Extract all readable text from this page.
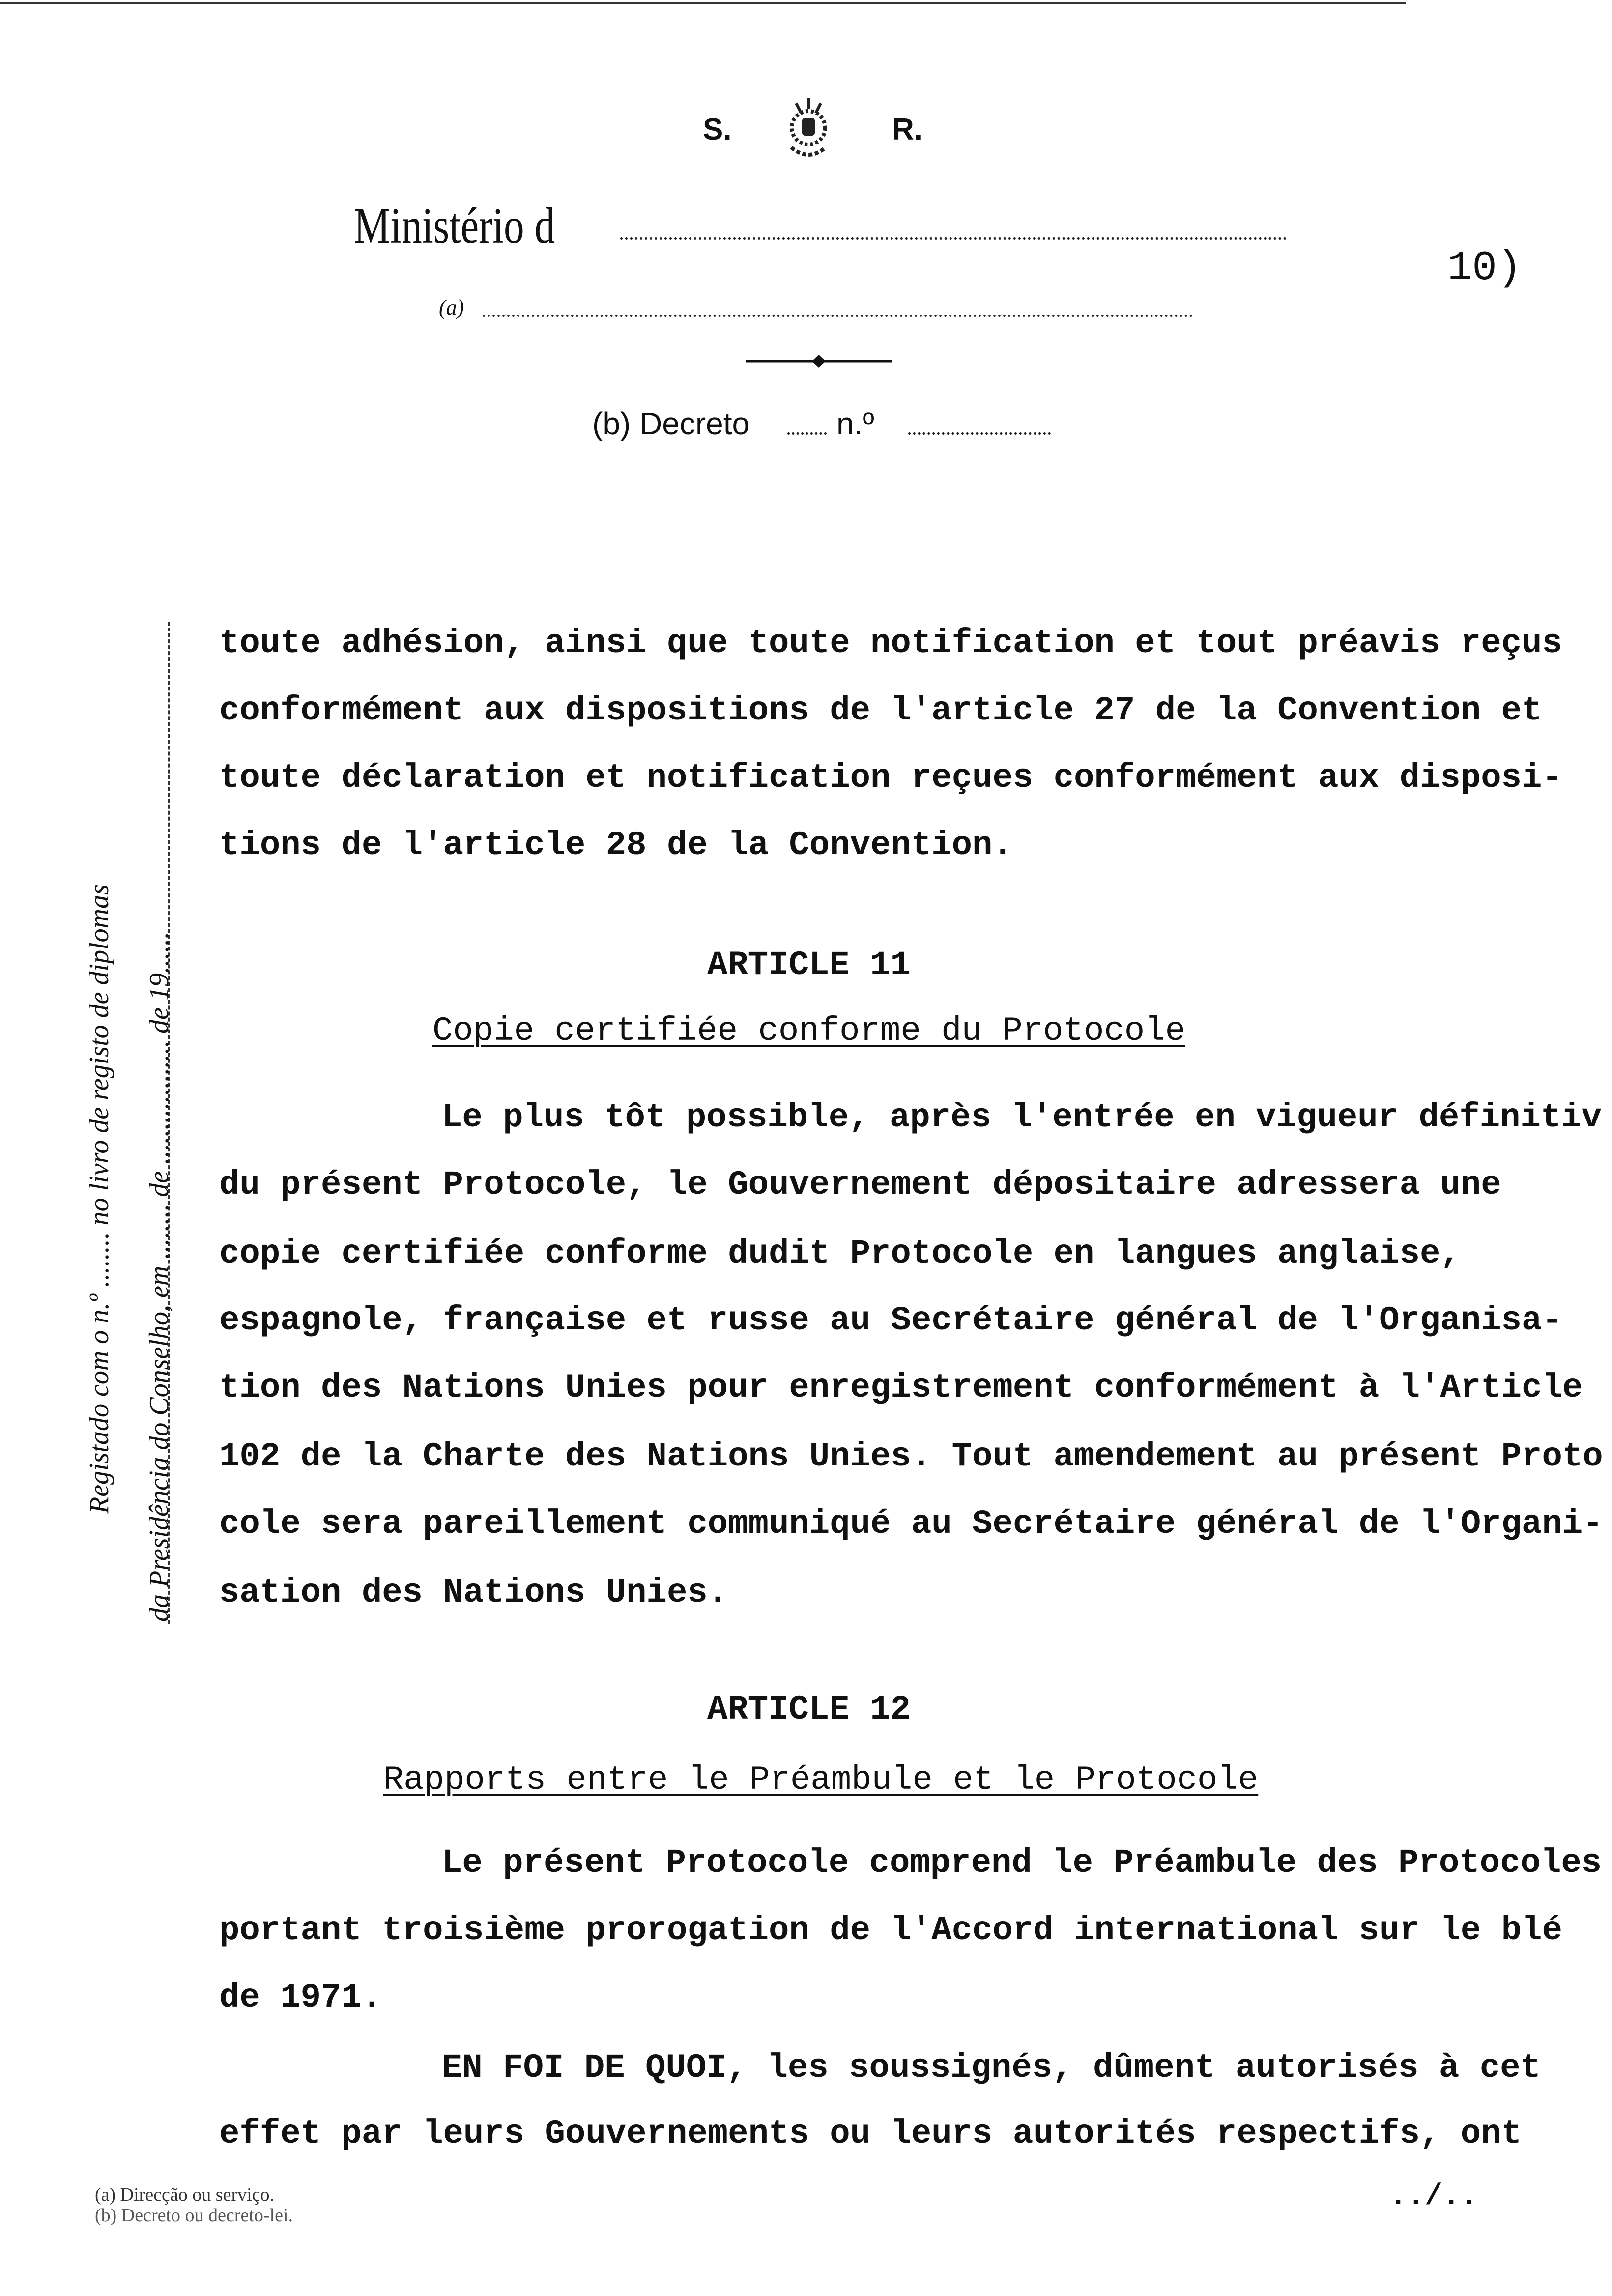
S.	R.
Ministério d
10)
(a)
(b) Decreto	n.º
Registado com o n.º ........ no livro de registo de diplomas da Presidência do Conselho, em ........ de .................. de 19......
toute adhésion, ainsi que toute notification et tout préavis reçus
conformément aux dispositions de l'article 27 de la Convention et
toute déclaration et notification reçues conformément aux disposi-
tions de l'article 28 de la Convention.
ARTICLE 11
Copie certifiée conforme du Protocole
Le plus tôt possible, après l'entrée en vigueur définitiv
du présent Protocole, le Gouvernement dépositaire adressera une
copie certifiée conforme dudit Protocole en langues anglaise,
espagnole, française et russe au Secrétaire général de l'Organisa-
tion des Nations Unies pour enregistrement conformément à l'Article
102 de la Charte des Nations Unies. Tout amendement au présent Proto
cole sera pareillement communiqué au Secrétaire général de l'Organi-
sation des Nations Unies.
ARTICLE 12
Rapports entre le Préambule et le Protocole
Le présent Protocole comprend le Préambule des Protocoles
portant troisième prorogation de l'Accord international sur le blé
de 1971.
EN FOI DE QUOI, les soussignés, dûment autorisés à cet
effet par leurs Gouvernements ou leurs autorités respectifs, ont
(a) Direcção ou serviço.
(b) Decreto ou decreto-lei.
../..
